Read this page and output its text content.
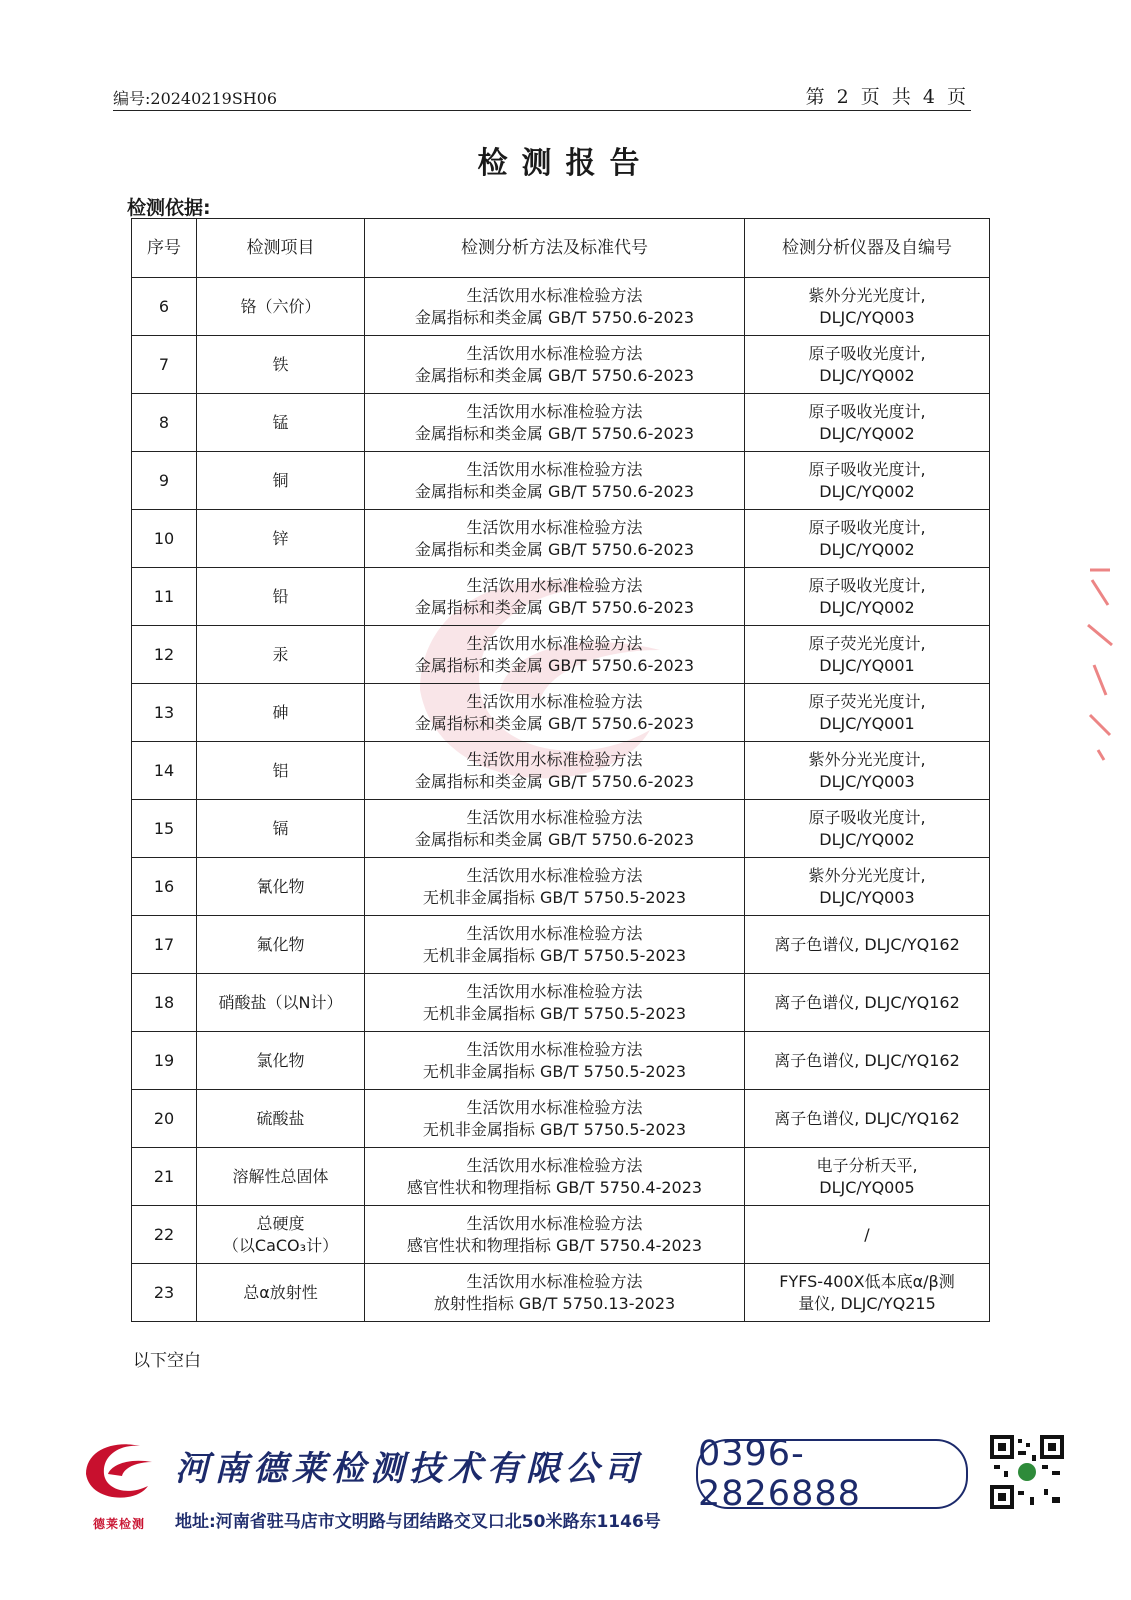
编号:20240219SH06	第 2 页 共 4 页
检测报告
检测依据:
序号	检测项目	检测分析方法及标准代号	检测分析仪器及自编号
6	铬（六价）	生活饮用水标准检验方法
金属指标和类金属 GB/T 5750.6-2023	紫外分光光度计,
DLJC/YQ003
7	铁	生活饮用水标准检验方法
金属指标和类金属 GB/T 5750.6-2023	原子吸收光度计,
DLJC/YQ002
8	锰	生活饮用水标准检验方法
金属指标和类金属 GB/T 5750.6-2023	原子吸收光度计,
DLJC/YQ002
9	铜	生活饮用水标准检验方法
金属指标和类金属 GB/T 5750.6-2023	原子吸收光度计,
DLJC/YQ002
10	锌	生活饮用水标准检验方法
金属指标和类金属 GB/T 5750.6-2023	原子吸收光度计,
DLJC/YQ002
11	铅	生活饮用水标准检验方法
金属指标和类金属 GB/T 5750.6-2023	原子吸收光度计,
DLJC/YQ002
12	汞	生活饮用水标准检验方法
金属指标和类金属 GB/T 5750.6-2023	原子荧光光度计,
DLJC/YQ001
13	砷	生活饮用水标准检验方法
金属指标和类金属 GB/T 5750.6-2023	原子荧光光度计,
DLJC/YQ001
14	铝	生活饮用水标准检验方法
金属指标和类金属 GB/T 5750.6-2023	紫外分光光度计,
DLJC/YQ003
15	镉	生活饮用水标准检验方法
金属指标和类金属 GB/T 5750.6-2023	原子吸收光度计,
DLJC/YQ002
16	氰化物	生活饮用水标准检验方法
无机非金属指标 GB/T 5750.5-2023	紫外分光光度计,
DLJC/YQ003
17	氟化物	生活饮用水标准检验方法
无机非金属指标 GB/T 5750.5-2023	离子色谱仪, DLJC/YQ162
18	硝酸盐（以N计）	生活饮用水标准检验方法
无机非金属指标 GB/T 5750.5-2023	离子色谱仪, DLJC/YQ162
19	氯化物	生活饮用水标准检验方法
无机非金属指标 GB/T 5750.5-2023	离子色谱仪, DLJC/YQ162
20	硫酸盐	生活饮用水标准检验方法
无机非金属指标 GB/T 5750.5-2023	离子色谱仪, DLJC/YQ162
21	溶解性总固体	生活饮用水标准检验方法
感官性状和物理指标 GB/T 5750.4-2023	电子分析天平,
DLJC/YQ005
22	总硬度
（以CaCO₃计）	生活饮用水标准检验方法
感官性状和物理指标 GB/T 5750.4-2023	/
23	总α放射性	生活饮用水标准检验方法
放射性指标 GB/T 5750.13-2023	FYFS-400X低本底α/β测
量仪, DLJC/YQ215
以下空白
德莱检测
河南德莱检测技术有限公司
地址:河南省驻马店市文明路与团结路交叉口北50米路东1146号
0396-2826888
